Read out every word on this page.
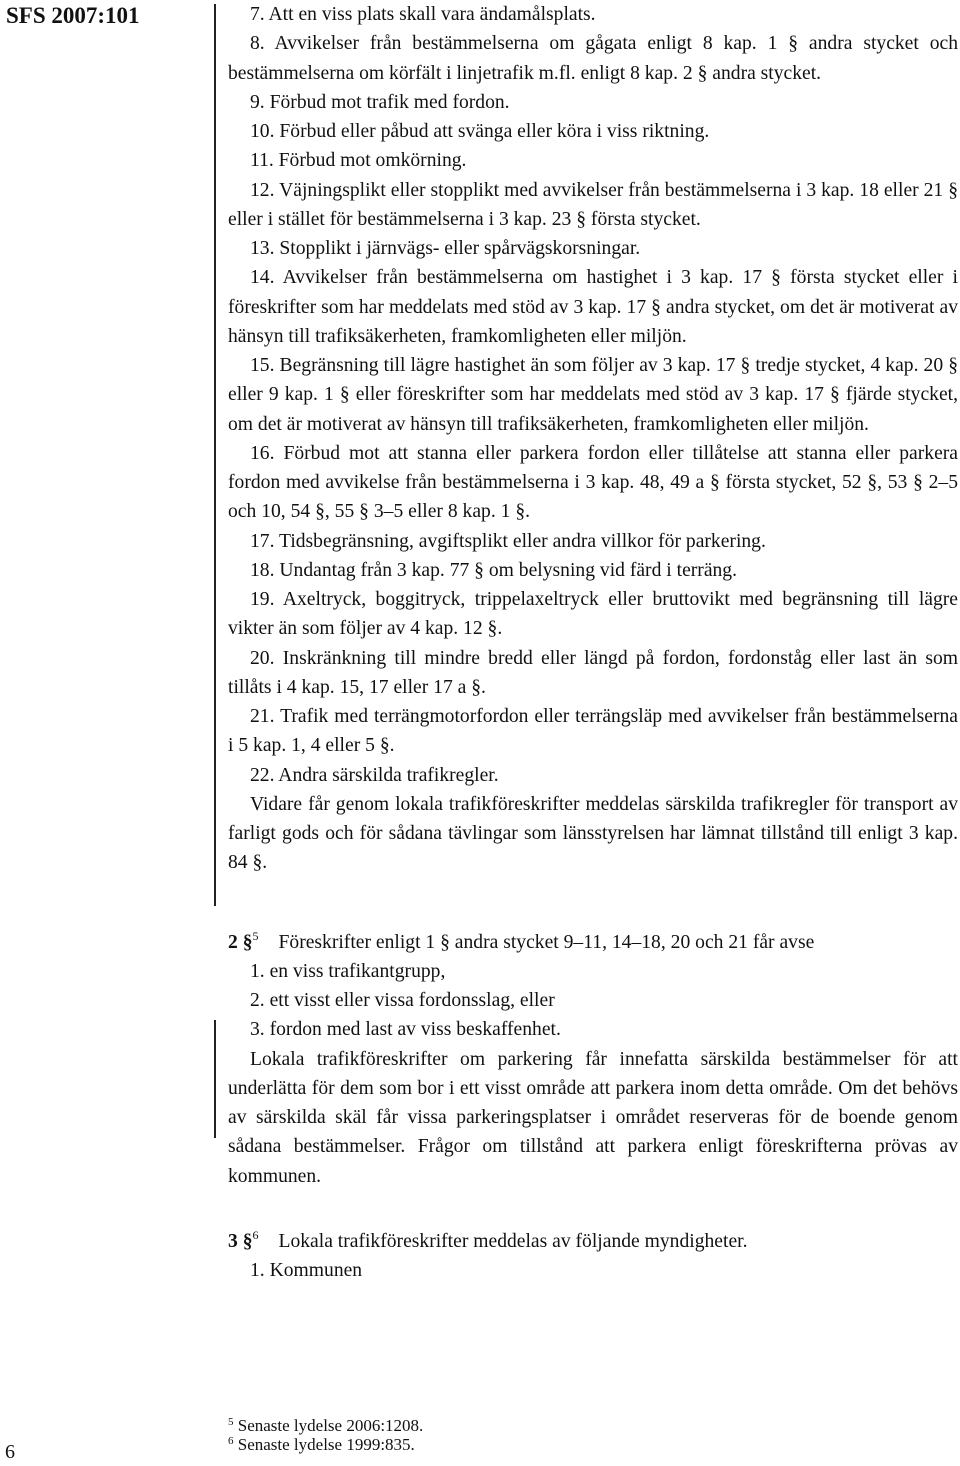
SFS 2007:101	7. Att en viss plats skall vara ändamålsplats.

8. Avvikelser från bestämmelserna om gågata enligt 8 kap. 1 § andra stycket och bestämmelserna om körfält i linjetrafik m.fl. enligt 8 kap. 2 § andra stycket.

9. Förbud mot trafik med fordon.

10. Förbud eller påbud att svänga eller köra i viss riktning.

11. Förbud mot omkörning.

12. Väjningsplikt eller stopplikt med avvikelser från bestämmelserna i 3 kap. 18 eller 21 § eller i stället för bestämmelserna i 3 kap. 23 § första stycket.

13. Stopplikt i järnvägs- eller spårvägskorsningar.

14. Avvikelser från bestämmelserna om hastighet i 3 kap. 17 § första stycket eller i föreskrifter som har meddelats med stöd av 3 kap. 17 § andra stycket, om det är motiverat av hänsyn till trafiksäkerheten, framkomligheten eller miljön.

15. Begränsning till lägre hastighet än som följer av 3 kap. 17 § tredje stycket, 4 kap. 20 § eller 9 kap. 1 § eller föreskrifter som har meddelats med stöd av 3 kap. 17 § fjärde stycket, om det är motiverat av hänsyn till trafiksäkerheten, framkomligheten eller miljön.

16. Förbud mot att stanna eller parkera fordon eller tillåtelse att stanna eller parkera fordon med avvikelse från bestämmelserna i 3 kap. 48, 49 a § första stycket, 52 §, 53 § 2–5 och 10, 54 §, 55 § 3–5 eller 8 kap. 1 §.

17. Tidsbegränsning, avgiftsplikt eller andra villkor för parkering.

18. Undantag från 3 kap. 77 § om belysning vid färd i terräng.

19. Axeltryck, boggitryck, trippelaxeltryck eller bruttovikt med begränsning till lägre vikter än som följer av 4 kap. 12 §.

20. Inskränkning till mindre bredd eller längd på fordon, fordonståg eller last än som tillåts i 4 kap. 15, 17 eller 17 a §.

21. Trafik med terrängmotorfordon eller terrängsläp med avvikelser från bestämmelserna i 5 kap. 1, 4 eller 5 §.

22. Andra särskilda trafikregler.

Vidare får genom lokala trafikföreskrifter meddelas särskilda trafikregler för transport av farligt gods och för sådana tävlingar som länsstyrelsen har lämnat tillstånd till enligt 3 kap. 84 §.

2 §$^5$ Föreskrifter enligt 1 § andra stycket 9–11, 14–18, 20 och 21 får avse

1. en viss trafikantgrupp,

2. ett visst eller vissa fordonsslag, eller

3. fordon med last av viss beskaffenhet.

Lokala trafikföreskrifter om parkering får innefatta särskilda bestämmelser för att underlätta för dem som bor i ett visst område att parkera inom detta område. Om det behövs av särskilda skäl får vissa parkeringsplatser i området reserveras för de boende genom sådana bestämmelser. Frågor om tillstånd att parkera enligt föreskrifterna prövas av kommunen.

3 §$^6$ Lokala trafikföreskrifter meddelas av följande myndigheter.

1. Kommunen

$^5$ Senaste lydelse 2006:1208.
$^6$ Senaste lydelse 1999:835.
6
